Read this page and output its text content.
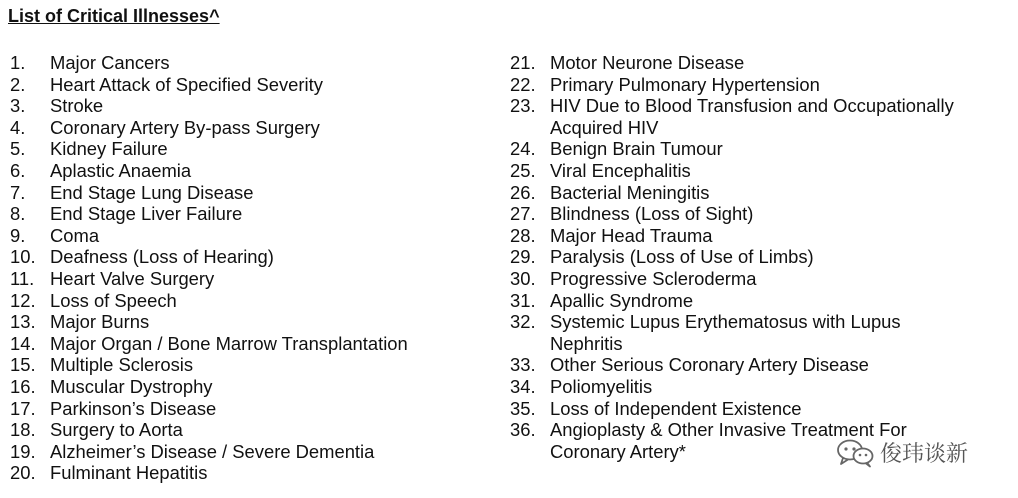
List of Critical Illnesses^
1.	Major Cancers
2.	Heart Attack of Specified Severity
3.	Stroke
4.	Coronary Artery By-pass Surgery
5.	Kidney Failure
6.	Aplastic Anaemia
7.	End Stage Lung Disease
8.	End Stage Liver Failure
9.	Coma
10. Deafness (Loss of Hearing)
11. Heart Valve Surgery
12. Loss of Speech
13. Major Burns
14. Major Organ / Bone Marrow Transplantation
15. Multiple Sclerosis
16. Muscular Dystrophy
17. Parkinson’s Disease
18. Surgery to Aorta
19. Alzheimer’s Disease / Severe Dementia
20. Fulminant Hepatitis
21. Motor Neurone Disease
22. Primary Pulmonary Hypertension
23. HIV Due to Blood Transfusion and Occupationally
Acquired HIV
24. Benign Brain Tumour
25. Viral Encephalitis
26. Bacterial Meningitis
27. Blindness (Loss of Sight)
28. Major Head Trauma
29. Paralysis (Loss of Use of Limbs)
30. Progressive Scleroderma
31. Apallic Syndrome
32. Systemic Lupus Erythematosus with Lupus
Nephritis
33. Other Serious Coronary Artery Disease
34. Poliomyelitis
35. Loss of Independent Existence
36. Angioplasty & Other Invasive Treatment For
Coronary Artery*	俊玮谈新
